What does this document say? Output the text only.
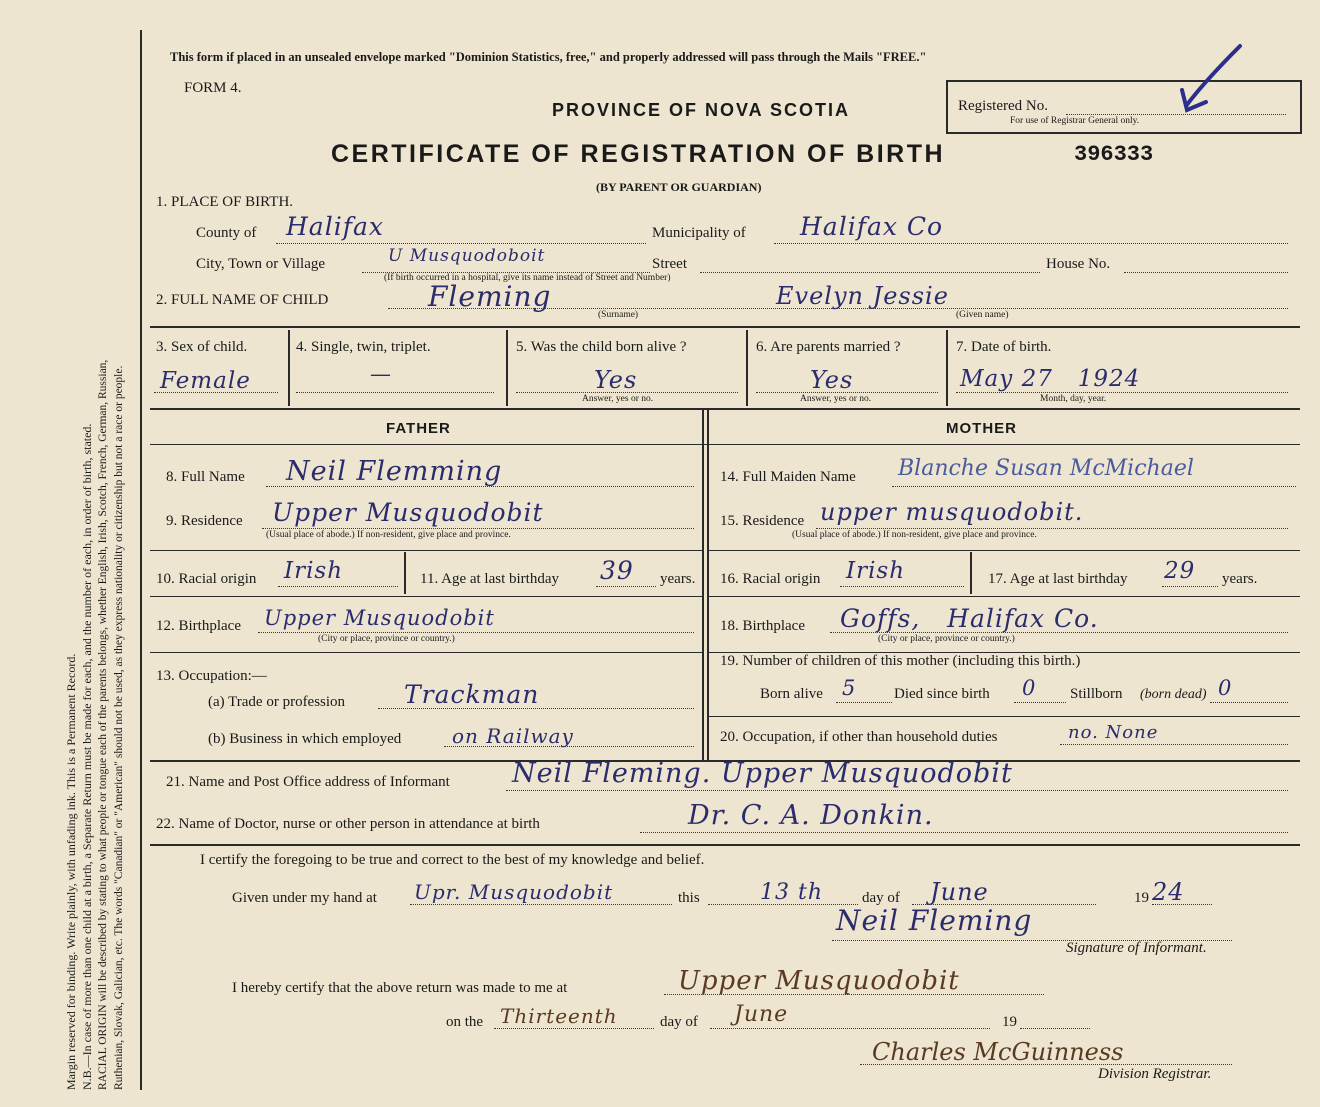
Margin reserved for binding. Write plainly, with unfading ink. This is a Permanent Record. N.B.—In case of more than one child at a birth, a Separate Return must be made for each, and the number of each, in order of birth, stated. RACIAL ORIGIN will be described by stating to what people or tongue each of the parents belongs, whether English, Irish, Scotch, French, German, Russian, Ruthenian, Slovak, Galician, etc. The words "Canadian" or "American" should not be used, as they express nationality or citizenship but not a race or people.
This form if placed in an unsealed envelope marked "Dominion Statistics, free," and properly addressed will pass through the Mails "FREE."
FORM 4.
PROVINCE OF NOVA SCOTIA
CERTIFICATE OF REGISTRATION OF BIRTH	396333
(BY PARENT OR GUARDIAN)
Registered No.
For use of Registrar General only.
1. PLACE OF BIRTH.
County of Halifax	Municipality of Halifax Co
City, Town or Village	U Musquodoboit	Street
(If birth occurred in a hospital, give its name instead of Street and Number)
House No.
2. FULL NAME OF CHILD	Fleming
(Surname)
Evelyn Jessie
(Given name)
3. Sex of child.
Female
4. Single, twin, triplet.
—
5. Was the child born alive ?
Yes
Answer, yes or no.
6. Are parents married ?
Yes
Answer, yes or no.
7. Date of birth.
May 27   1924
Month, day, year.
FATHER	MOTHER
8. Full Name Neil Flemming
9. Residence Upper Musquodobit
(Usual place of abode.) If non-resident, give place and province.
10. Racial origin Irish	11. Age at last birthday 39 years.
12. Birthplace Upper Musquodobit
(City or place, province or country.)
13. Occupation:—
(a) Trade or profession Trackman
(b) Business in which employed	on Railway
14. Full Maiden Name Blanche Susan McMichael
15. Residence upper musquodobit.
(Usual place of abode.) If non-resident, give place and province.
16. Racial origin Irish	17. Age at last birthday 29 years.
18. Birthplace Goffs,   Halifax Co.
(City or place, province or country.)
19. Number of children of this mother (including this birth.)
Born alive 5	Died since birth 0 Stillborn (born dead) 0
20. Occupation, if other than household duties	no. None
21. Name and Post Office address of Informant Neil Fleming. Upper Musquodobit
22. Name of Doctor, nurse or other person in attendance at birth	Dr. C. A. Donkin.
I certify the foregoing to be true and correct to the best of my knowledge and belief.
Given under my hand at Upr. Musquodobit	this	13 th	day of June	19 24
Neil Fleming
Signature of Informant.
I hereby certify that the above return was made to me at	Upper Musquodobit
on the Thirteenth	day of June	19
Charles McGuinness
Division Registrar.
